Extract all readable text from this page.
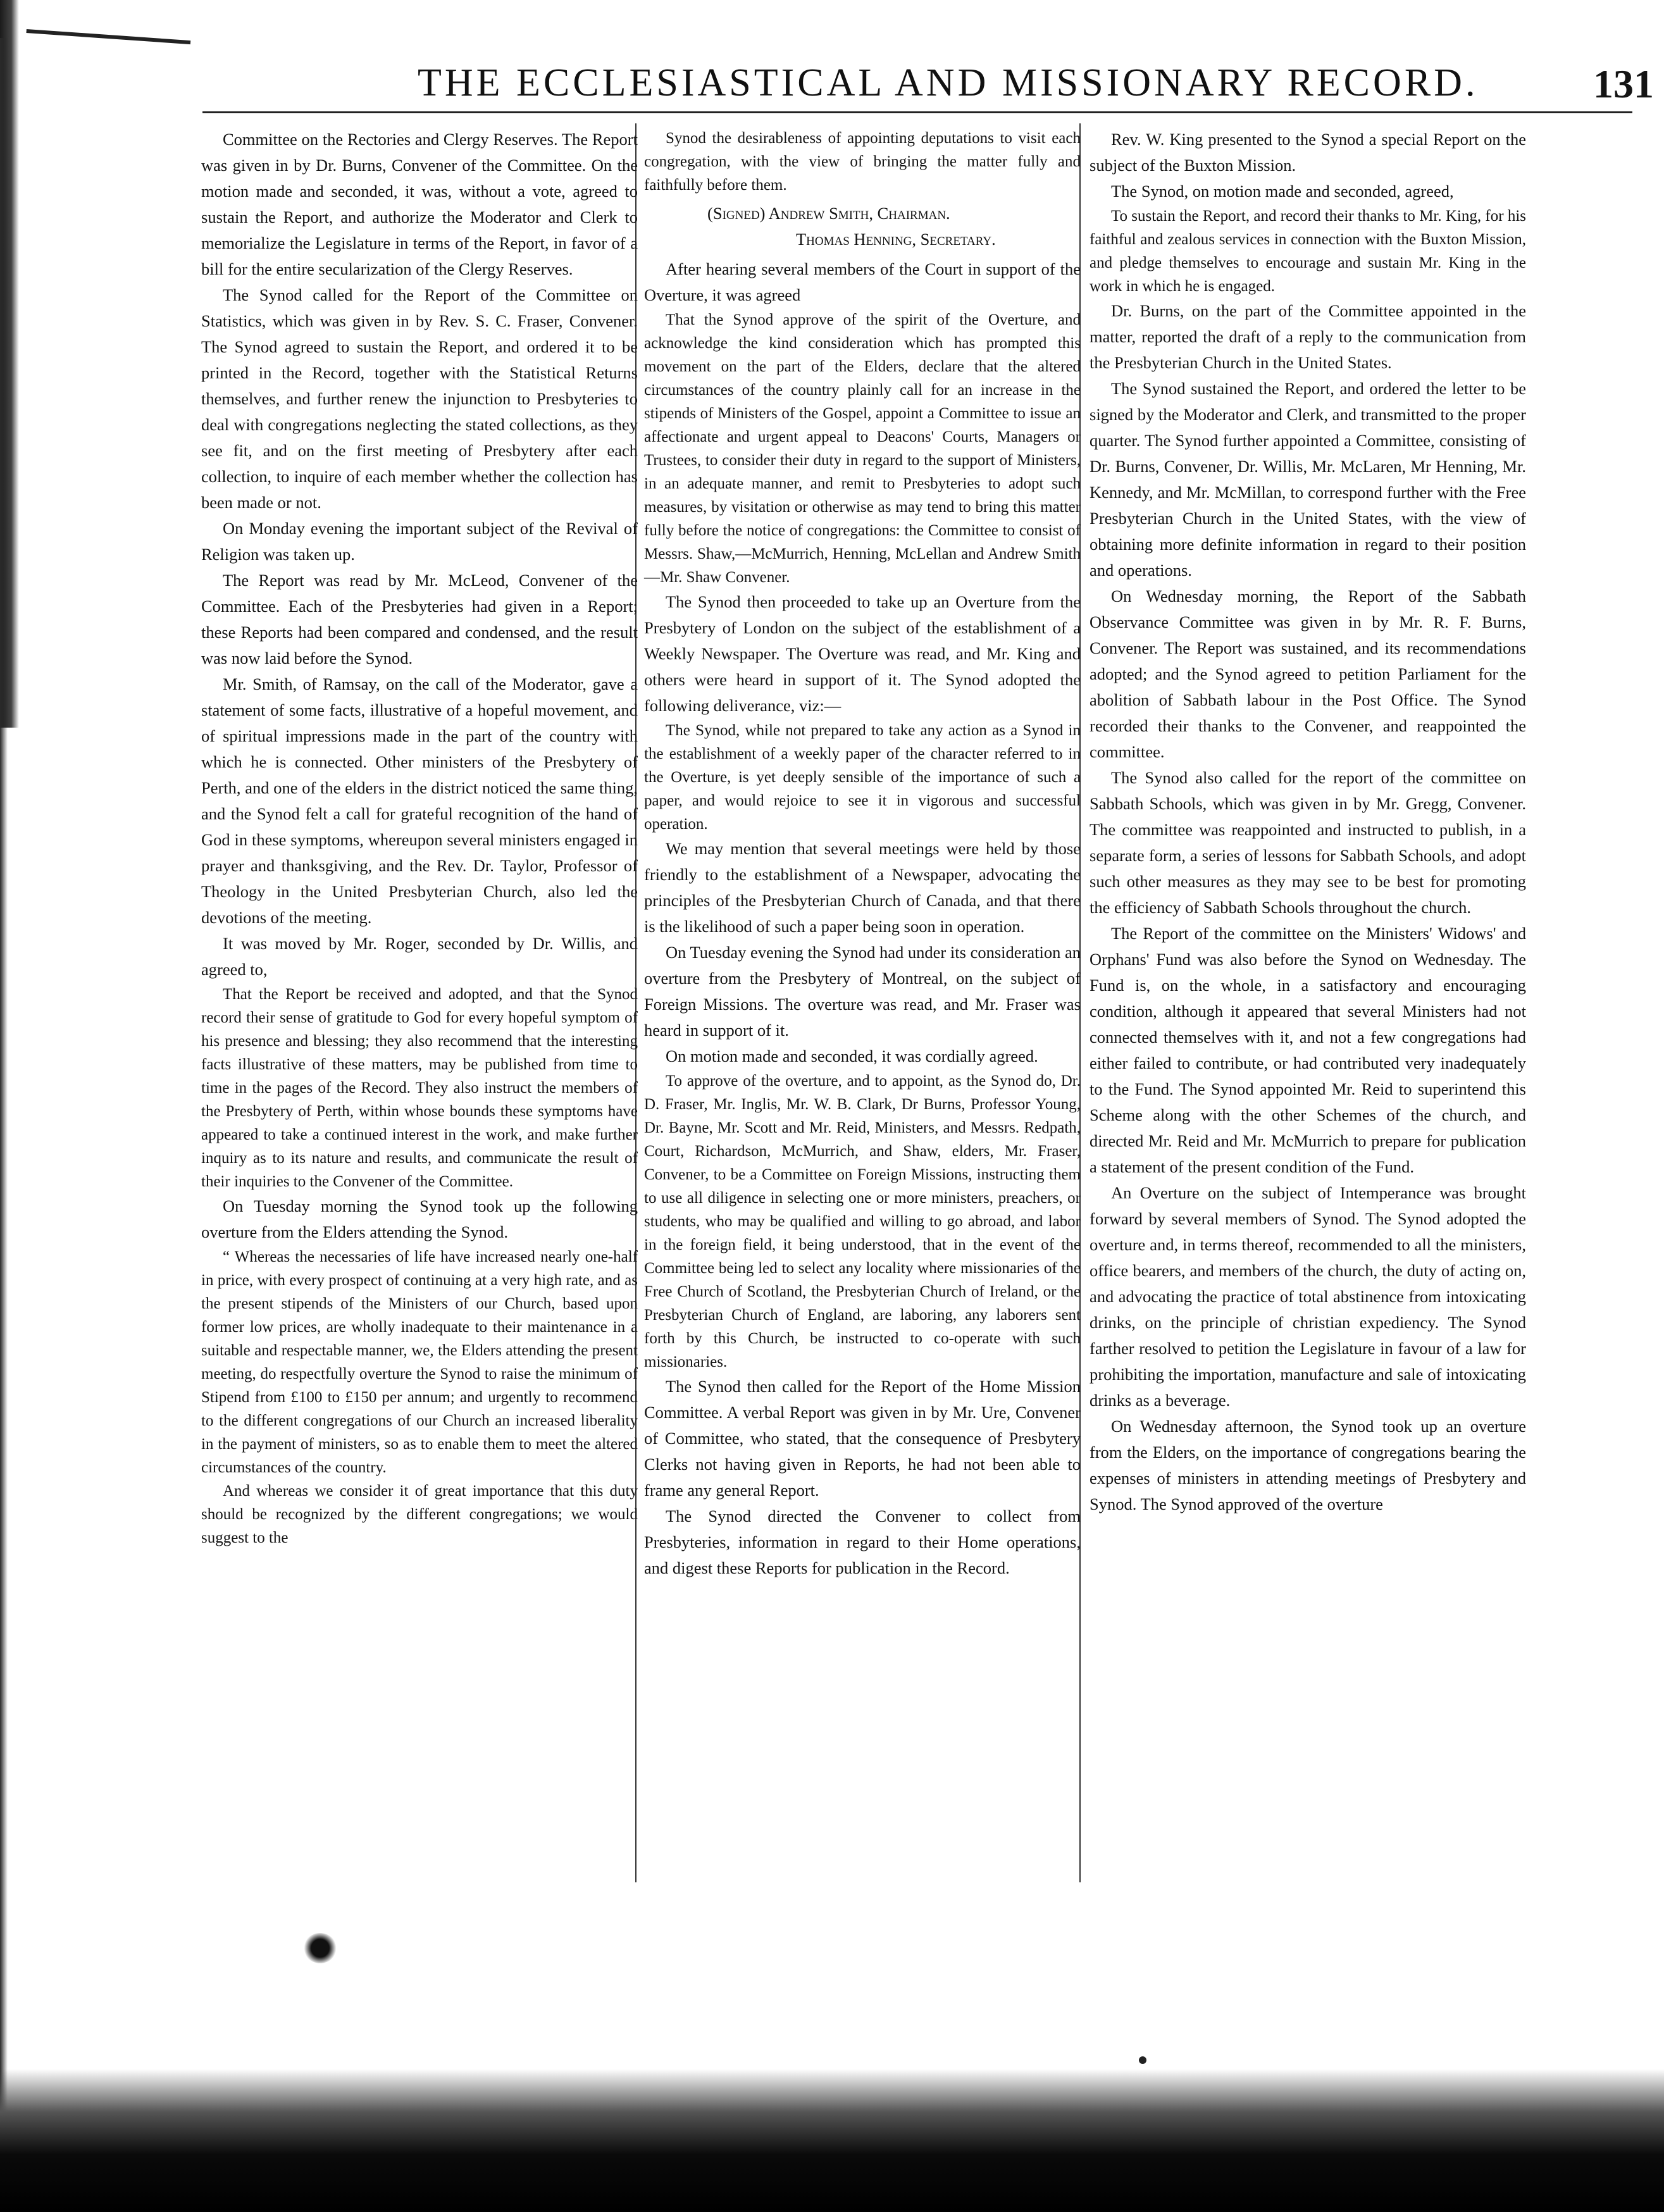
THE ECCLESIASTICAL AND MISSIONARY RECORD.	131

Committee on the Rectories and Clergy Reserves. The Report was given in by Dr. Burns, Convener of the Committee. On the motion made and seconded, it was, without a vote, agreed to sustain the Report, and authorize the Moderator and Clerk to memorialize the Legislature in terms of the Report, in favor of a bill for the entire secularization of the Clergy Reserves.

The Synod called for the Report of the Committee on Statistics, which was given in by Rev. S. C. Fraser, Convener. The Synod agreed to sustain the Report, and ordered it to be printed in the Record, together with the Statistical Returns themselves, and further renew the injunction to Presbyteries to deal with congregations neglecting the stated collections, as they see fit, and on the first meeting of Presbytery after each collection, to inquire of each member whether the collection has been made or not.

On Monday evening the important subject of the Revival of Religion was taken up.

The Report was read by Mr. McLeod, Convener of the Committee. Each of the Presbyteries had given in a Report; these Reports had been compared and condensed, and the result was now laid before the Synod.

Mr. Smith, of Ramsay, on the call of the Moderator, gave a statement of some facts, illustrative of a hopeful movement, and of spiritual impressions made in the part of the country with which he is connected. Other ministers of the Presbytery of Perth, and one of the elders in the district noticed the same thing, and the Synod felt a call for grateful recognition of the hand of God in these symptoms, whereupon several ministers engaged in prayer and thanksgiving, and the Rev. Dr. Taylor, Professor of Theology in the United Presbyterian Church, also led the devotions of the meeting.

It was moved by Mr. Roger, seconded by Dr. Willis, and agreed to,

That the Report be received and adopted, and that the Synod record their sense of gratitude to God for every hopeful symptom of his presence and blessing; they also recommend that the interesting facts illustrative of these matters, may be published from time to time in the pages of the Record. They also instruct the members of the Presbytery of Perth, within whose bounds these symptoms have appeared to take a continued interest in the work, and make further inquiry as to its nature and results, and communicate the result of their inquiries to the Convener of the Committee.

On Tuesday morning the Synod took up the following overture from the Elders attending the Synod.

“ Whereas the necessaries of life have increased nearly one-half in price, with every prospect of continuing at a very high rate, and as the present stipends of the Ministers of our Church, based upon former low prices, are wholly inadequate to their maintenance in a suitable and respectable manner, we, the Elders attending the present meeting, do respectfully overture the Synod to raise the minimum of Stipend from £100 to £150 per annum; and urgently to recommend to the different congregations of our Church an increased liberality in the payment of ministers, so as to enable them to meet the altered circumstances of the country.

And whereas we consider it of great importance that this duty should be recognized by the different congregations; we would suggest to the

Synod the desirableness of appointing deputations to visit each congregation, with the view of bringing the matter fully and faithfully before them.

(Signed) Andrew Smith, Chairman.
Thomas Henning, Secretary.

After hearing several members of the Court in support of the Overture, it was agreed

That the Synod approve of the spirit of the Overture, and acknowledge the kind consideration which has prompted this movement on the part of the Elders, declare that the altered circumstances of the country plainly call for an increase in the stipends of Ministers of the Gospel, appoint a Committee to issue an affectionate and urgent appeal to Deacons' Courts, Managers or Trustees, to consider their duty in regard to the support of Ministers, in an adequate manner, and remit to Presbyteries to adopt such measures, by visitation or otherwise as may tend to bring this matter fully before the notice of congregations: the Committee to consist of Messrs. Shaw,—McMurrich, Henning, McLellan and Andrew Smith—Mr. Shaw Convener.

The Synod then proceeded to take up an Overture from the Presbytery of London on the subject of the establishment of a Weekly Newspaper. The Overture was read, and Mr. King and others were heard in support of it. The Synod adopted the following deliverance, viz:—

The Synod, while not prepared to take any action as a Synod in the establishment of a weekly paper of the character referred to in the Overture, is yet deeply sensible of the importance of such a paper, and would rejoice to see it in vigorous and successful operation.

We may mention that several meetings were held by those friendly to the establishment of a Newspaper, advocating the principles of the Presbyterian Church of Canada, and that there is the likelihood of such a paper being soon in operation.

On Tuesday evening the Synod had under its consideration an overture from the Presbytery of Montreal, on the subject of Foreign Missions. The overture was read, and Mr. Fraser was heard in support of it.

On motion made and seconded, it was cordially agreed.

To approve of the overture, and to appoint, as the Synod do, Dr. D. Fraser, Mr. Inglis, Mr. W. B. Clark, Dr Burns, Professor Young, Dr. Bayne, Mr. Scott and Mr. Reid, Ministers, and Messrs. Redpath, Court, Richardson, McMurrich, and Shaw, elders, Mr. Fraser, Convener, to be a Committee on Foreign Missions, instructing them to use all diligence in selecting one or more ministers, preachers, or students, who may be qualified and willing to go abroad, and labor in the foreign field, it being understood, that in the event of the Committee being led to select any locality where missionaries of the Free Church of Scotland, the Presbyterian Church of Ireland, or the Presbyterian Church of England, are laboring, any laborers sent forth by this Church, be instructed to co-operate with such missionaries.

The Synod then called for the Report of the Home Mission Committee. A verbal Report was given in by Mr. Ure, Convener of Committee, who stated, that the consequence of Presbytery Clerks not having given in Reports, he had not been able to frame any general Report.

The Synod directed the Convener to collect from Presbyteries, information in regard to their Home operations, and digest these Reports for publication in the Record.

Rev. W. King presented to the Synod a special Report on the subject of the Buxton Mission.

The Synod, on motion made and seconded, agreed,

To sustain the Report, and record their thanks to Mr. King, for his faithful and zealous services in connection with the Buxton Mission, and pledge themselves to encourage and sustain Mr. King in the work in which he is engaged.

Dr. Burns, on the part of the Committee appointed in the matter, reported the draft of a reply to the communication from the Presbyterian Church in the United States.

The Synod sustained the Report, and ordered the letter to be signed by the Moderator and Clerk, and transmitted to the proper quarter. The Synod further appointed a Committee, consisting of Dr. Burns, Convener, Dr. Willis, Mr. McLaren, Mr Henning, Mr. Kennedy, and Mr. McMillan, to correspond further with the Free Presbyterian Church in the United States, with the view of obtaining more definite information in regard to their position and operations.

On Wednesday morning, the Report of the Sabbath Observance Committee was given in by Mr. R. F. Burns, Convener. The Report was sustained, and its recommendations adopted; and the Synod agreed to petition Parliament for the abolition of Sabbath labour in the Post Office. The Synod recorded their thanks to the Convener, and reappointed the committee.

The Synod also called for the report of the committee on Sabbath Schools, which was given in by Mr. Gregg, Convener. The committee was reappointed and instructed to publish, in a separate form, a series of lessons for Sabbath Schools, and adopt such other measures as they may see to be best for promoting the efficiency of Sabbath Schools throughout the church.

The Report of the committee on the Ministers' Widows' and Orphans' Fund was also before the Synod on Wednesday. The Fund is, on the whole, in a satisfactory and encouraging condition, although it appeared that several Ministers had not connected themselves with it, and not a few congregations had either failed to contribute, or had contributed very inadequately to the Fund. The Synod appointed Mr. Reid to superintend this Scheme along with the other Schemes of the church, and directed Mr. Reid and Mr. McMurrich to prepare for publication a statement of the present condition of the Fund.

An Overture on the subject of Intemperance was brought forward by several members of Synod. The Synod adopted the overture and, in terms thereof, recommended to all the ministers, office bearers, and members of the church, the duty of acting on, and advocating the practice of total abstinence from intoxicating drinks, on the principle of christian expediency. The Synod farther resolved to petition the Legislature in favour of a law for prohibiting the importation, manufacture and sale of intoxicating drinks as a beverage.

On Wednesday afternoon, the Synod took up an overture from the Elders, on the importance of congregations bearing the expenses of ministers in attending meetings of Presbytery and Synod. The Synod approved of the overture
